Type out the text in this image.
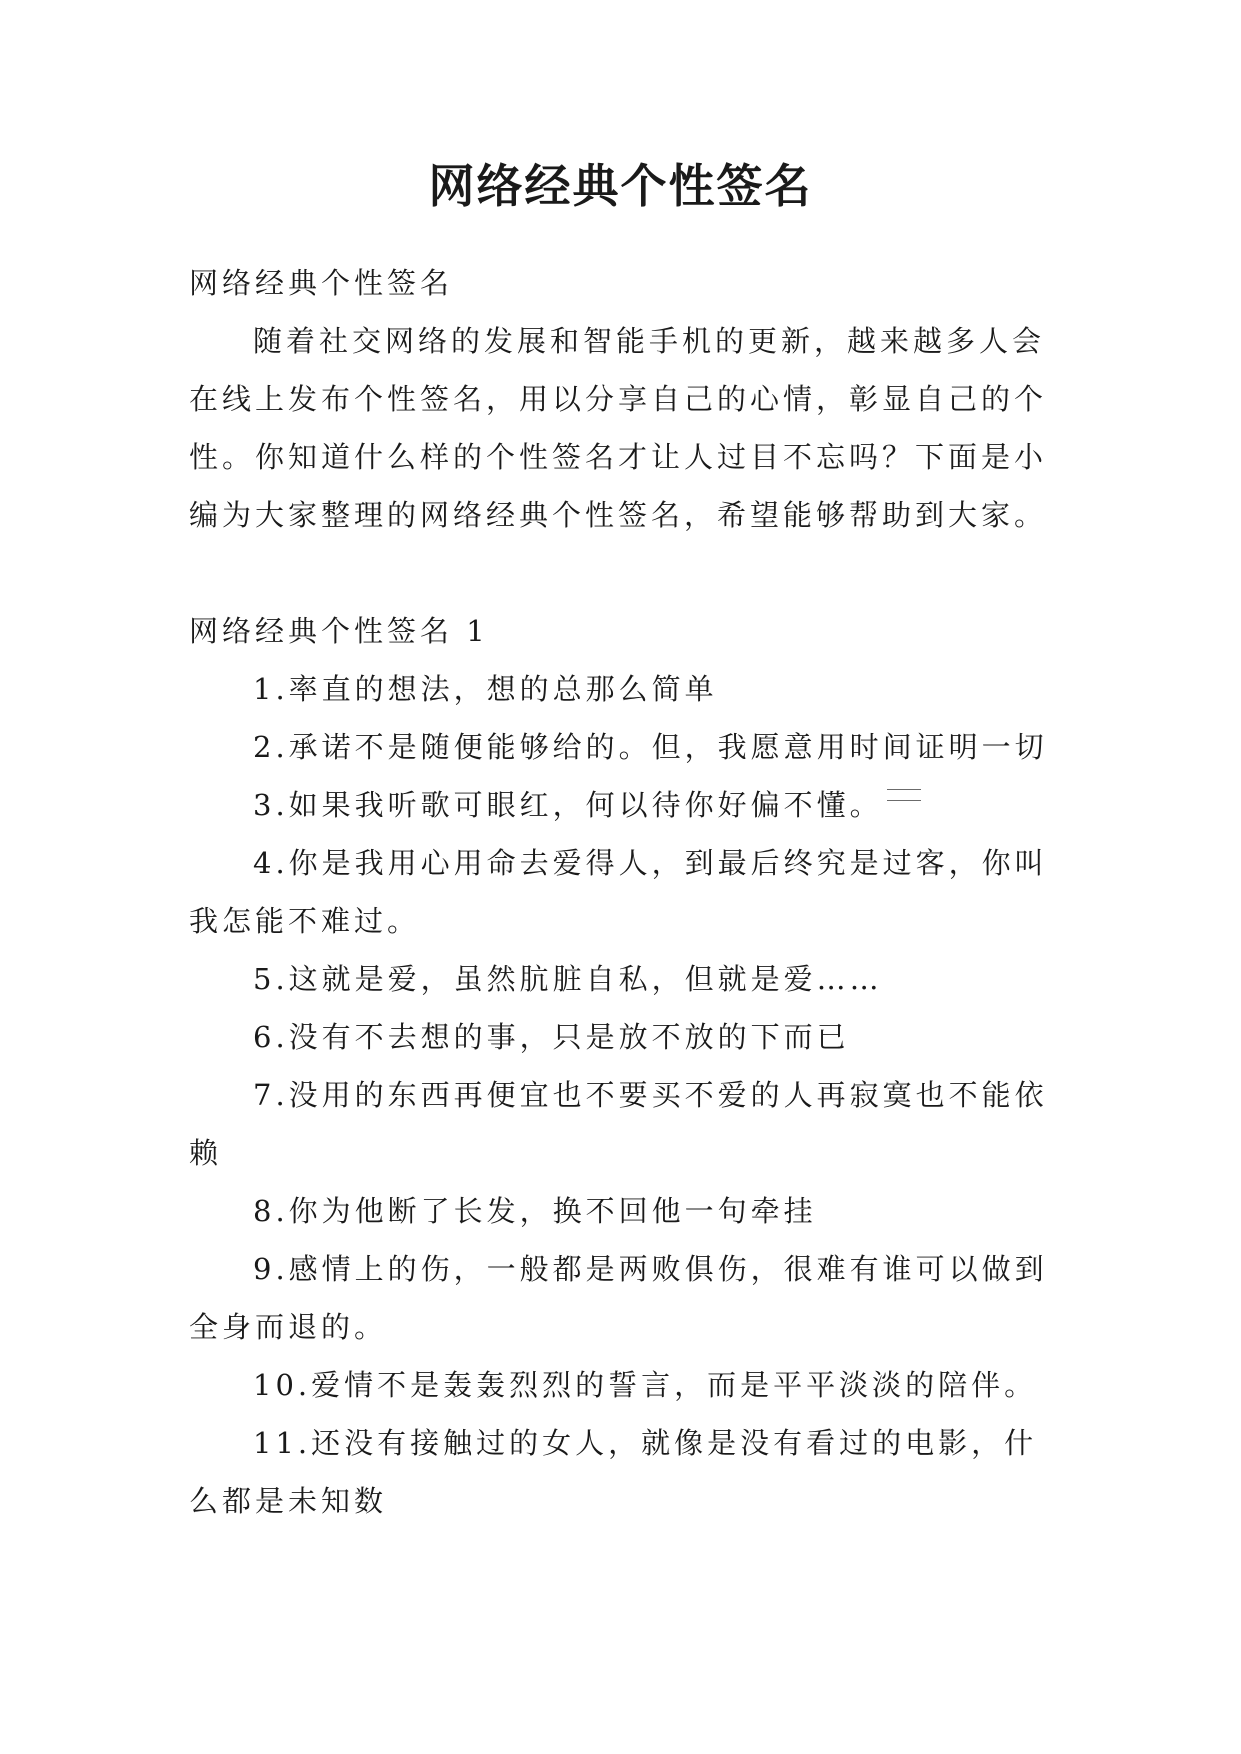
网络经典个性签名

网络经典个性签名

随着社交网络的发展和智能手机的更新，越来越多人会在线上发布个性签名，用以分享自己的心情，彰显自己的个性。你知道什么样的个性签名才让人过目不忘吗？下面是小编为大家整理的网络经典个性签名，希望能够帮助到大家。

网络经典个性签名 1

1.率直的想法，想的总那么简单

2.承诺不是随便能够给的。但，我愿意用时间证明一切

3.如果我听歌可眼红，何以待你好偏不懂。

4.你是我用心用命去爱得人，到最后终究是过客，你叫我怎能不难过。

5.这就是爱，虽然肮脏自私，但就是爱……

6.没有不去想的事，只是放不放的下而已

7.没用的东西再便宜也不要买不爱的人再寂寞也不能依赖

8.你为他断了长发，换不回他一句牵挂

9.感情上的伤，一般都是两败俱伤，很难有谁可以做到全身而退的。

10.爱情不是轰轰烈烈的誓言，而是平平淡淡的陪伴。

11.还没有接触过的女人，就像是没有看过的电影，什么都是未知数
